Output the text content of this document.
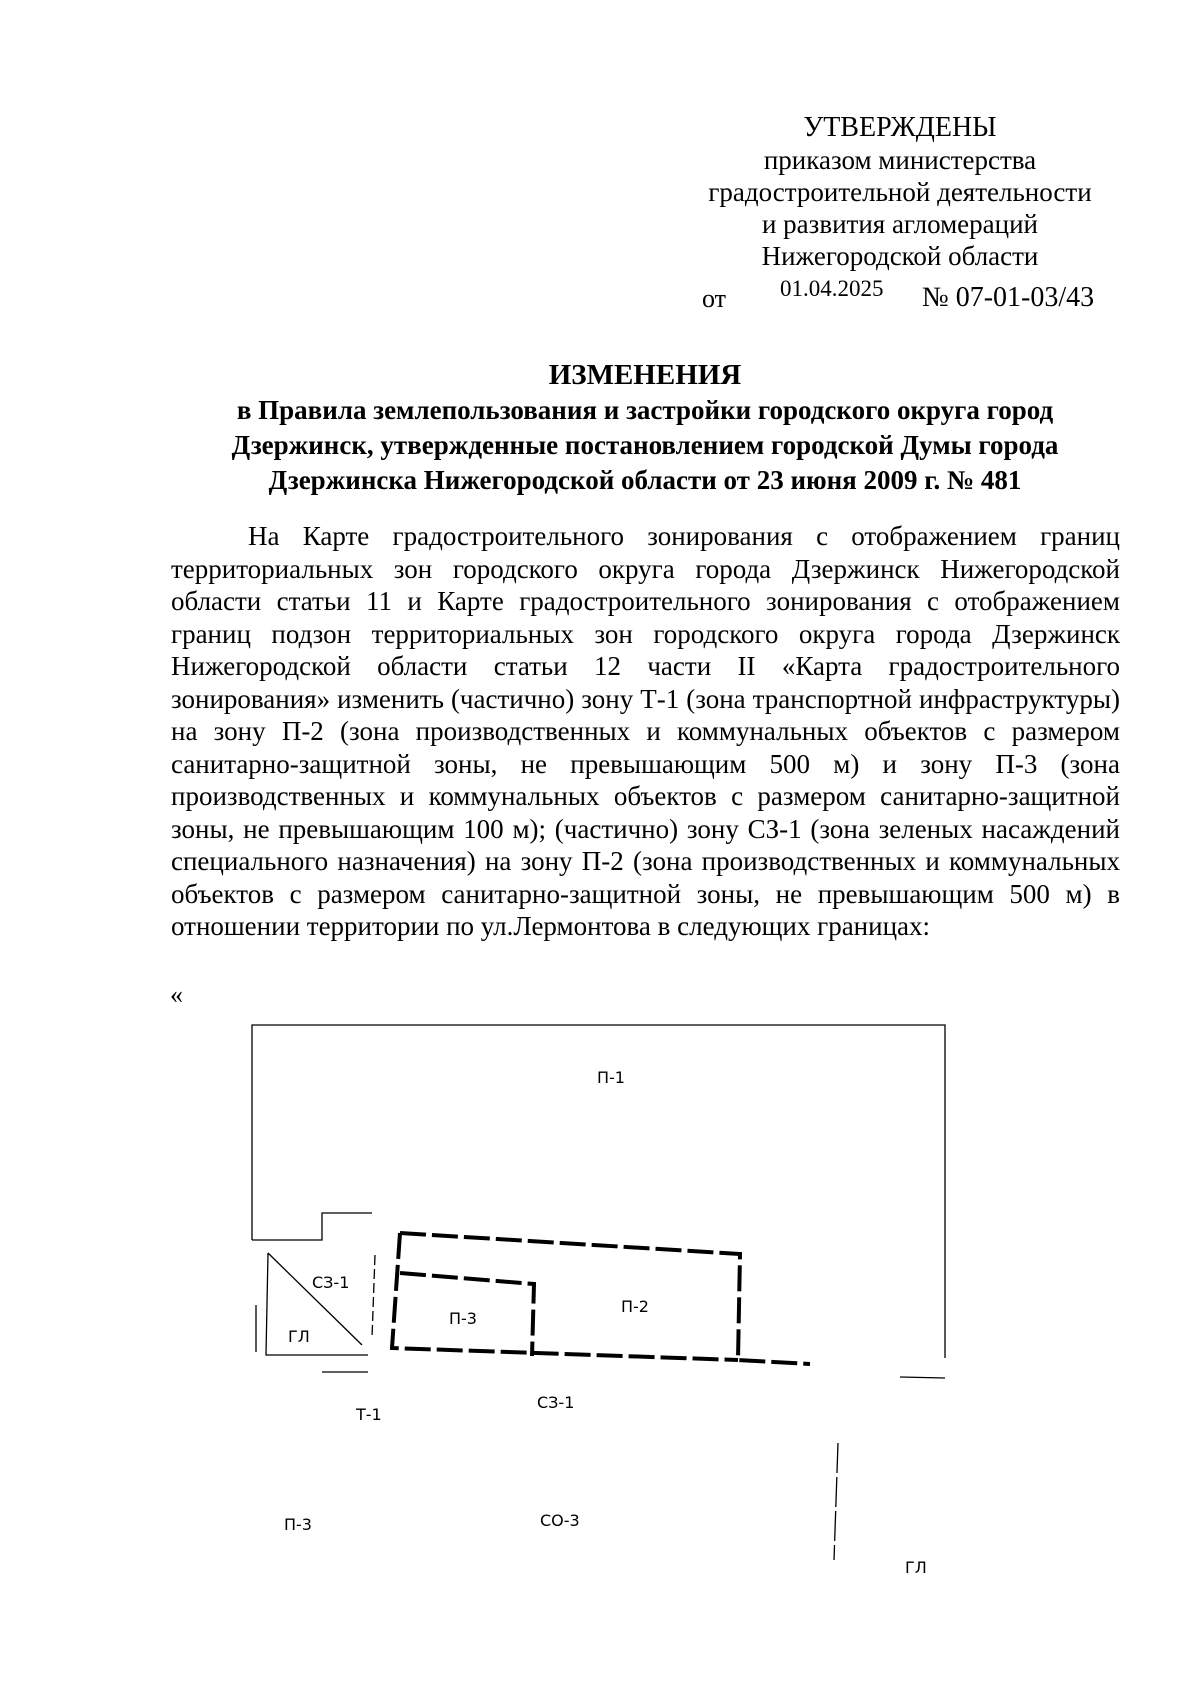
УТВЕРЖДЕНЫ
приказом министерства
градостроительной деятельности
и развития агломераций
Нижегородской области
от 01.04.2025 № 07-01-03/43
ИЗМЕНЕНИЯ
в Правила землепользования и застройки городского округа город
Дзержинск, утвержденные постановлением городской Думы города
Дзержинска Нижегородской области от 23 июня 2009 г. № 481

На Карте градостроительного зонирования с отображением границ территориальных зон городского округа города Дзержинск Нижегородской области статьи 11 и Карте градостроительного зонирования с отображением границ подзон территориальных зон городского округа города Дзержинск Нижегородской области статьи 12 части II «Карта градостроительного зонирования» изменить (частично) зону Т-1 (зона транспортной инфраструктуры) на зону П-2 (зона производственных и коммунальных объектов с размером санитарно-защитной зоны, не превышающим 500 м) и зону П-3 (зона производственных и коммунальных объектов с размером санитарно-защитной зоны, не превышающим 100 м); (частично) зону СЗ-1 (зона зеленых насаждений специального назначения) на зону П-2 (зона производственных и коммунальных объектов с размером санитарно-защитной зоны, не превышающим 500 м) в отношении территории по ул.Лермонтова в следующих границах:

«
П-1
СЗ-1
ГЛ
П-3
П-2
Т-1
СЗ-1
П-3	СО-3
ГЛ
